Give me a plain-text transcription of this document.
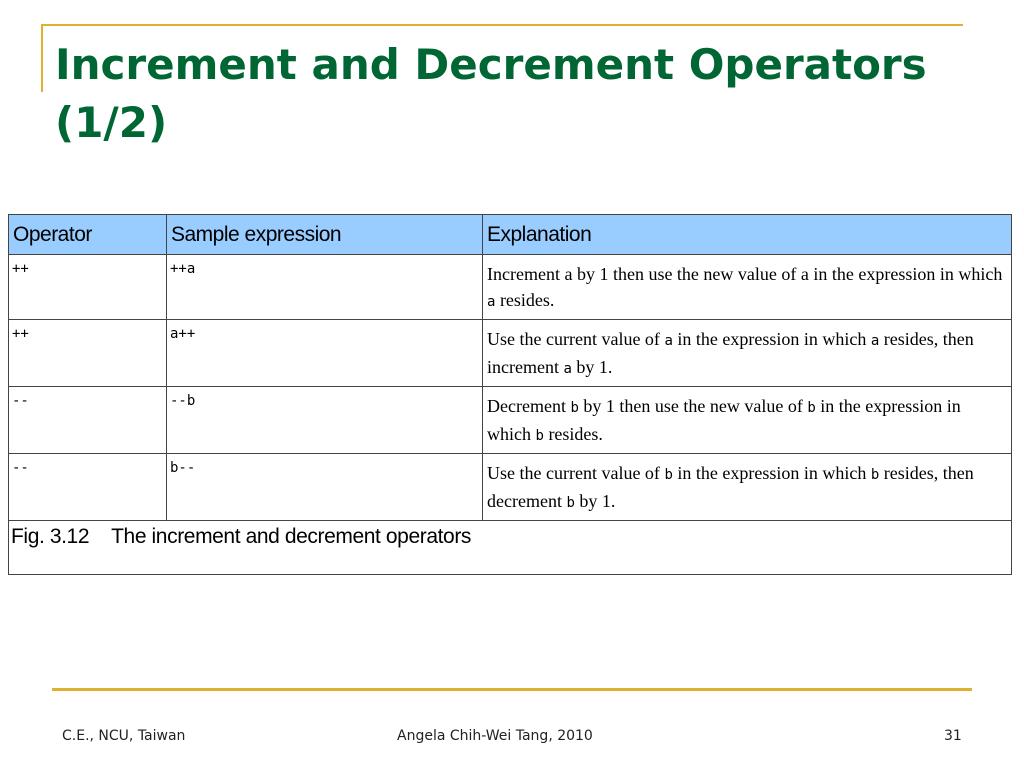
Increment and Decrement Operators (1/2)
Operator	Sample expression	Explanation
++	++a	Increment a by 1 then use the new value of a in the expression in which a resides.
++	a++	Use the current value of a in the expression in which a resides, then increment a by 1.
--	--b	Decrement b by 1 then use the new value of b in the expression in which b resides.
--	b--	Use the current value of b in the expression in which b resides, then decrement b by 1.
Fig. 3.12 The increment and decrement operators		
C.E., NCU, Taiwan	Angela Chih-Wei Tang, 2010	31
